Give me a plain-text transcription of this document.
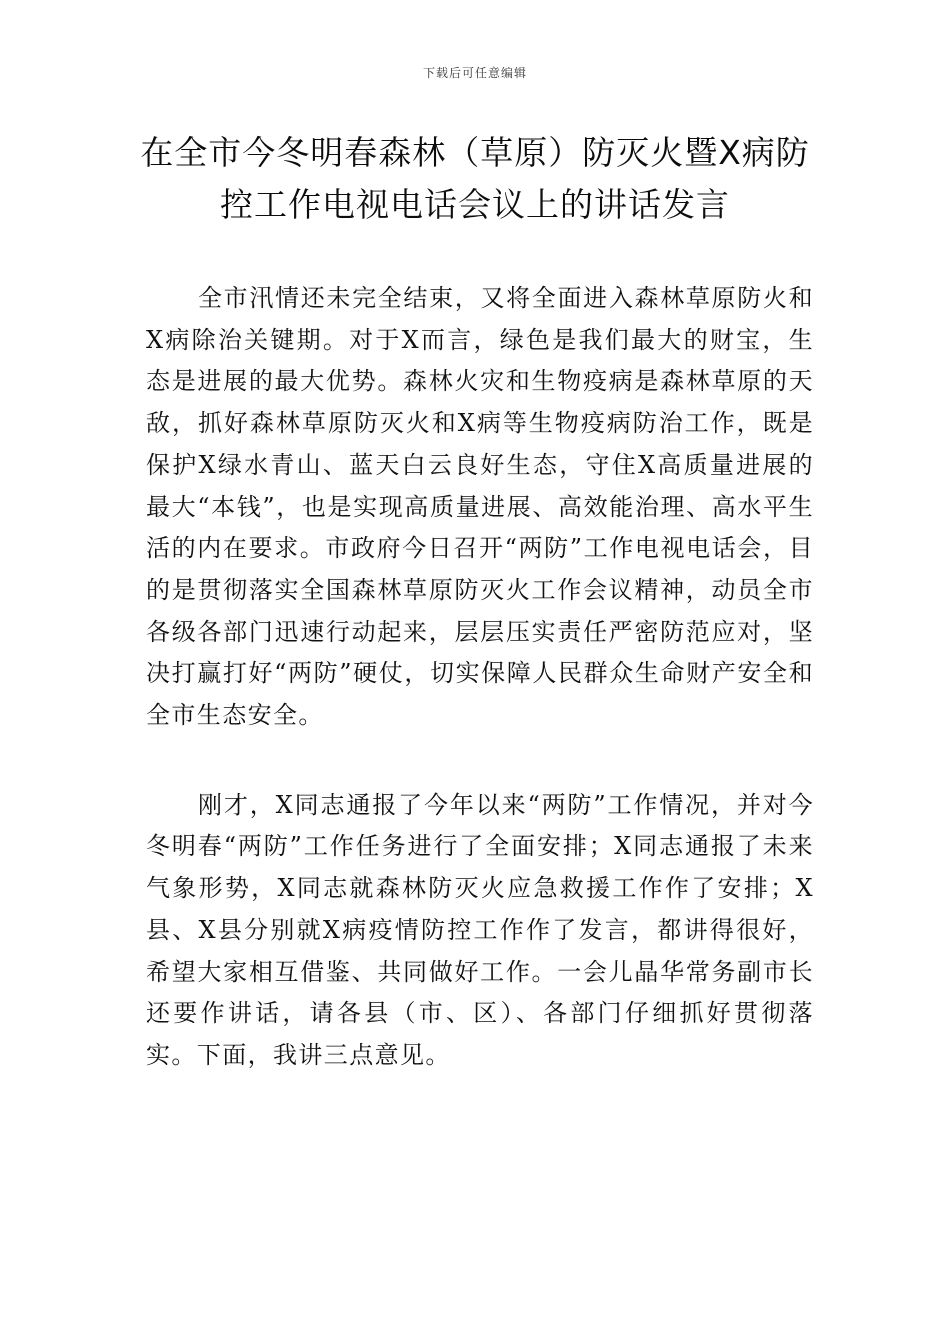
下载后可任意编辑
在全市今冬明春森林（草原）防灭火暨X病防控工作电视电话会议上的讲话发言

全市汛情还未完全结束，又将全面进入森林草原防火和X病除治关键期。对于X而言，绿色是我们最大的财宝，生态是进展的最大优势。森林火灾和生物疫病是森林草原的天敌，抓好森林草原防灭火和X病等生物疫病防治工作，既是保护X绿水青山、蓝天白云良好生态，守住X高质量进展的最大“本钱”，也是实现高质量进展、高效能治理、高水平生活的内在要求。市政府今日召开“两防”工作电视电话会，目的是贯彻落实全国森林草原防灭火工作会议精神，动员全市各级各部门迅速行动起来，层层压实责任严密防范应对，坚决打赢打好“两防”硬仗，切实保障人民群众生命财产安全和全市生态安全。

刚才，X同志通报了今年以来“两防”工作情况，并对今冬明春“两防”工作任务进行了全面安排；X同志通报了未来气象形势，X同志就森林防灭火应急救援工作作了安排；X县、X县分别就X病疫情防控工作作了发言，都讲得很好，希望大家相互借鉴、共同做好工作。一会儿晶华常务副市长还要作讲话，请各县（市、区）、各部门仔细抓好贯彻落实。下面，我讲三点意见。
